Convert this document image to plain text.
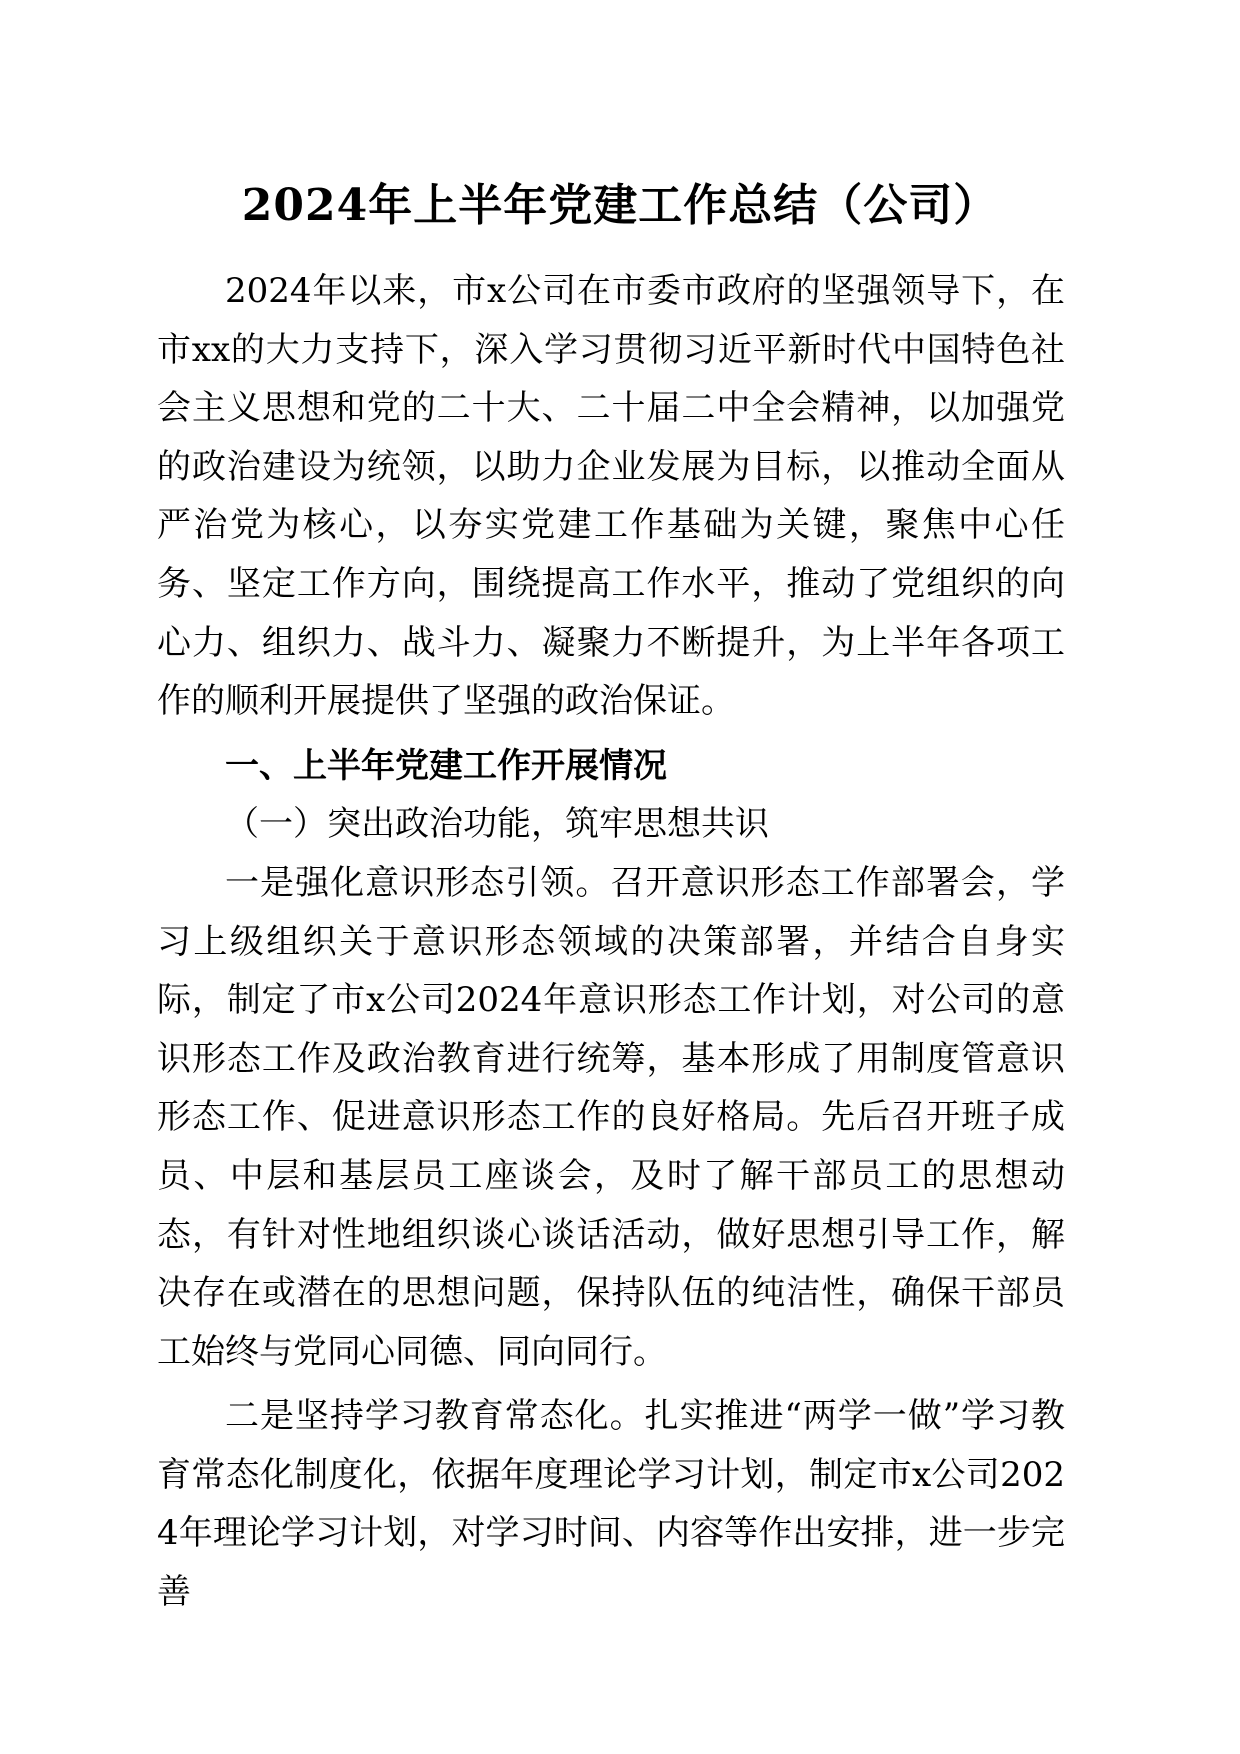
2024年上半年党建工作总结（公司）

2024年以来，市x公司在市委市政府的坚强领导下，在市xx的大力支持下，深入学习贯彻习近平新时代中国特色社会主义思想和党的二十大、二十届二中全会精神，以加强党的政治建设为统领，以助力企业发展为目标，以推动全面从严治党为核心，以夯实党建工作基础为关键，聚焦中心任务、坚定工作方向，围绕提高工作水平，推动了党组织的向心力、组织力、战斗力、凝聚力不断提升，为上半年各项工作的顺利开展提供了坚强的政治保证。

一、上半年党建工作开展情况
（一）突出政治功能，筑牢思想共识

一是强化意识形态引领。召开意识形态工作部署会，学习上级组织关于意识形态领域的决策部署，并结合自身实际，制定了市x公司2024年意识形态工作计划，对公司的意识形态工作及政治教育进行统筹，基本形成了用制度管意识形态工作、促进意识形态工作的良好格局。先后召开班子成员、中层和基层员工座谈会，及时了解干部员工的思想动态，有针对性地组织谈心谈话活动，做好思想引导工作，解决存在或潜在的思想问题，保持队伍的纯洁性，确保干部员工始终与党同心同德、同向同行。

二是坚持学习教育常态化。扎实推进“两学一做”学习教育常态化制度化，依据年度理论学习计划，制定市x公司2024年理论学习计划，对学习时间、内容等作出安排，进一步完善
